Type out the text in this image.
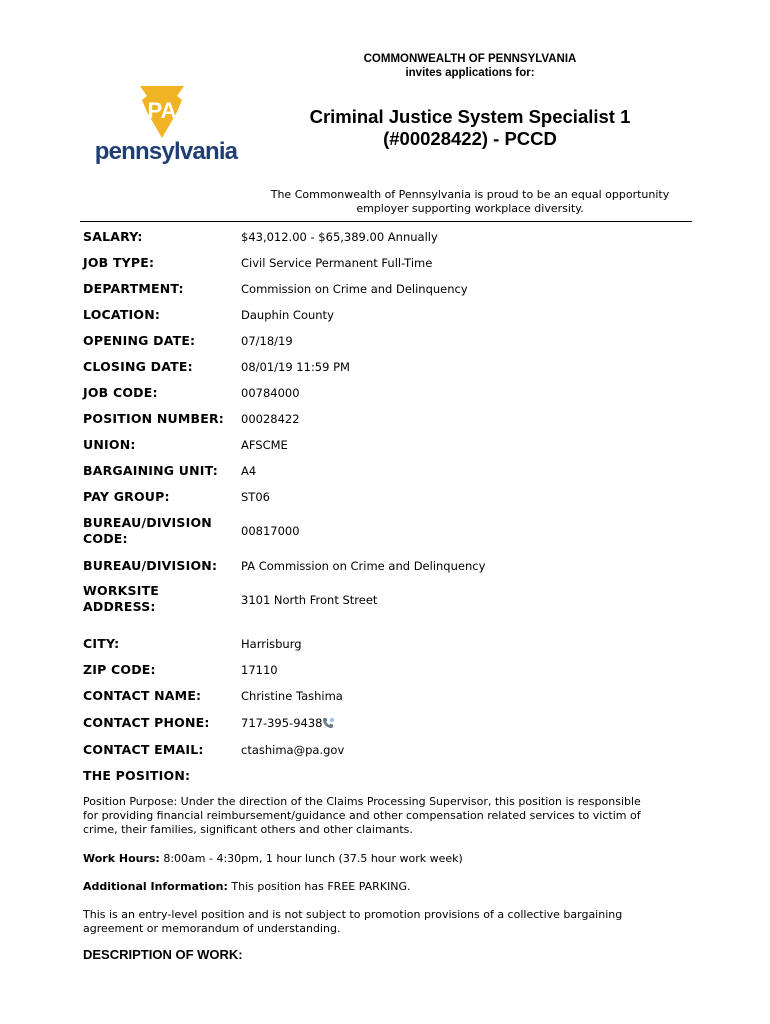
COMMONWEALTH OF PENNSYLVANIA
invites applications for:
PA
pennsylvania
Criminal Justice System Specialist 1
(#00028422) - PCCD
The Commonwealth of Pennsylvania is proud to be an equal opportunity
employer supporting workplace diversity.
SALARY:	$43,012.00 - $65,389.00 Annually
JOB TYPE:	Civil Service Permanent Full-Time
DEPARTMENT:	Commission on Crime and Delinquency
LOCATION:	Dauphin County
OPENING DATE:	07/18/19
CLOSING DATE:	08/01/19 11:59 PM
JOB CODE:	00784000
POSITION NUMBER:	00028422
UNION:	AFSCME
BARGAINING UNIT:	A4
PAY GROUP:	ST06
BUREAU/DIVISION
CODE:	00817000
BUREAU/DIVISION:	PA Commission on Crime and Delinquency
WORKSITE
ADDRESS:	3101 North Front Street
CITY:	Harrisburg
ZIP CODE:	17110
CONTACT NAME:	Christine Tashima
CONTACT PHONE:	717-395-9438
CONTACT EMAIL:	ctashima@pa.gov
THE POSITION:
Position Purpose: Under the direction of the Claims Processing Supervisor, this position is responsible
for providing financial reimbursement/guidance and other compensation related services to victim of
crime, their families, significant others and other claimants.
Work Hours: 8:00am - 4:30pm, 1 hour lunch (37.5 hour work week)
Additional Information: This position has FREE PARKING.
This is an entry-level position and is not subject to promotion provisions of a collective bargaining
agreement or memorandum of understanding.
DESCRIPTION OF WORK:
